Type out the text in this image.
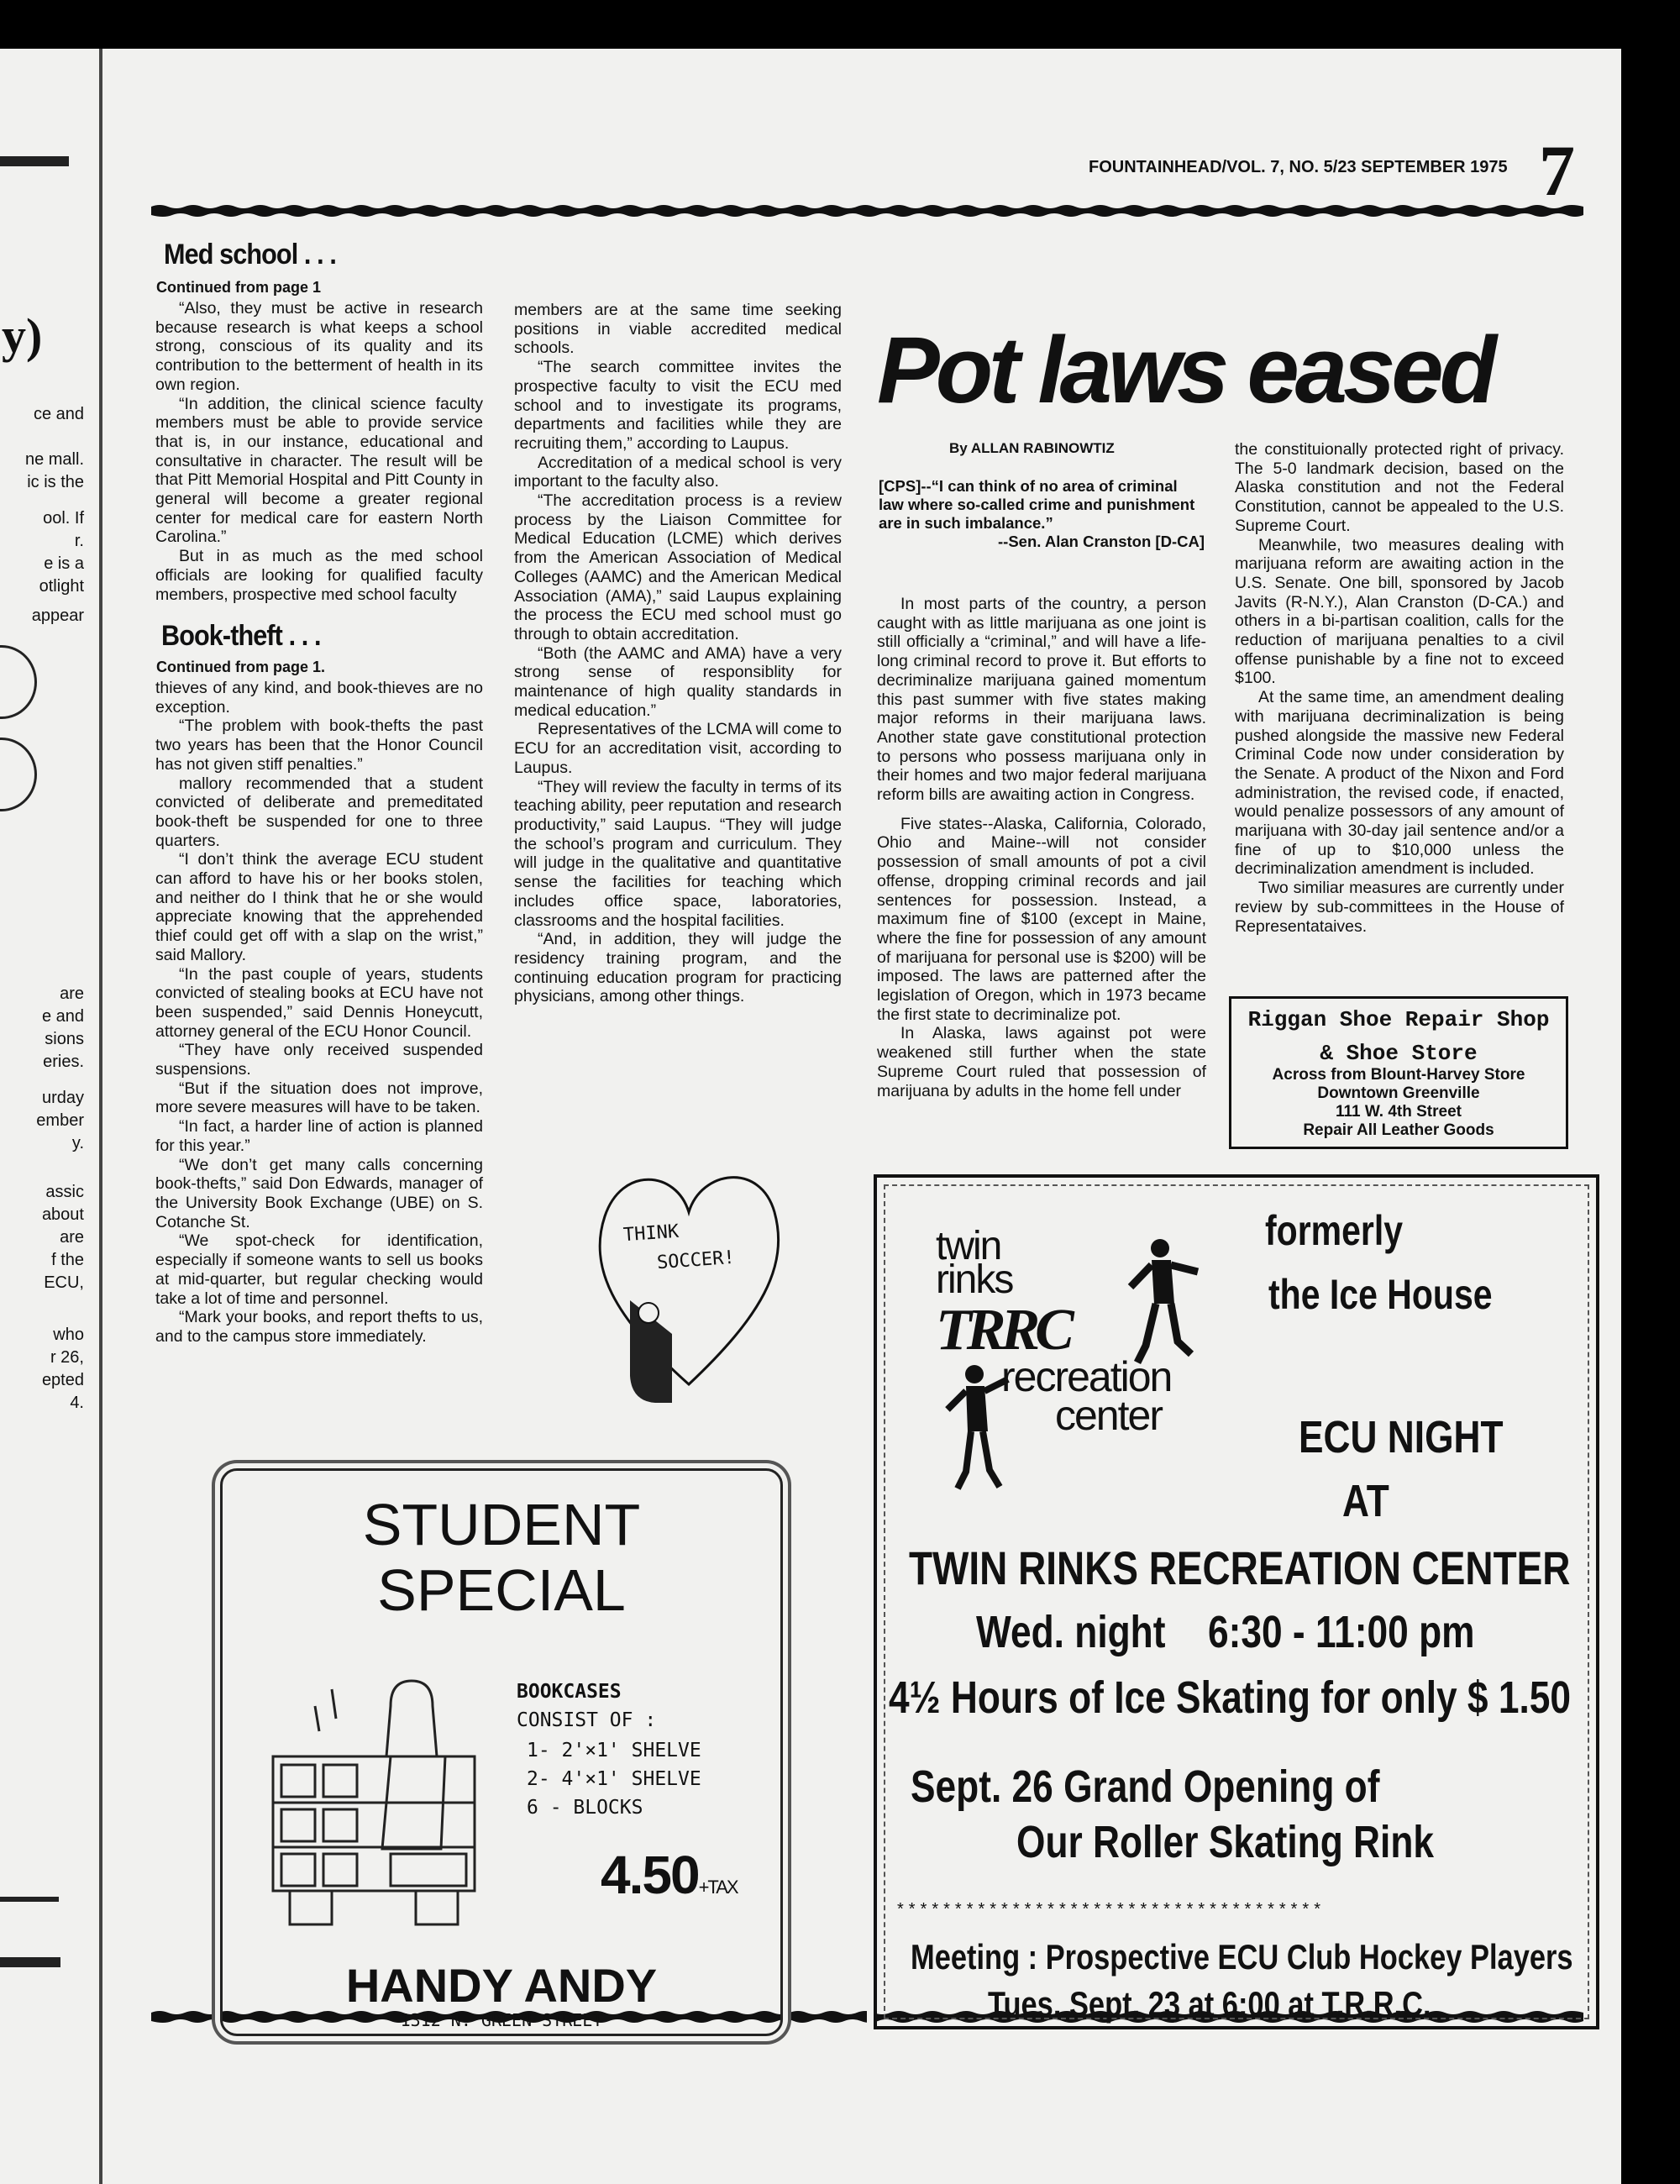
y)
ce and
ne mall.
ic is the
ool. If
r.
e is a
otlight
appear
are
e and
sions
eries.
urday
ember
y.
assic
about
are
f the
ECU,
who
r 26,
epted
4.
FOUNTAINHEAD/VOL. 7, NO. 5/23 SEPTEMBER 1975 7
Med school . . .
Continued from page 1

“Also, they must be active in research because research is what keeps a school strong, conscious of its quality and its contribution to the betterment of health in its own region.

“In addition, the clinical science faculty members must be able to provide service that is, in our instance, educational and consultative in character. The result will be that Pitt Memorial Hospital and Pitt County in general will become a greater regional center for medical care for eastern North Carolina.”

But in as much as the med school officials are looking for qualified faculty members, prospective med school faculty

Book-theft . . .
Continued from page 1.

thieves of any kind, and book-thieves are no exception.

“The problem with book-thefts the past two years has been that the Honor Council has not given stiff penalties.”

mallory recommended that a student convicted of deliberate and premeditated book-theft be suspended for one to three quarters.

“I don’t think the average ECU student can afford to have his or her books stolen, and neither do I think that he or she would appreciate knowing that the apprehended thief could get off with a slap on the wrist,” said Mallory.

“In the past couple of years, students convicted of stealing books at ECU have not been suspended,” said Dennis Honeycutt, attorney general of the ECU Honor Council.

“They have only received suspended suspensions.

“But if the situation does not improve, more severe measures will have to be taken.

“In fact, a harder line of action is planned for this year.”

“We don’t get many calls concerning book-thefts,” said Don Edwards, manager of the University Book Exchange (UBE) on S. Cotanche St.

“We spot-check for identification, especially if someone wants to sell us books at mid-quarter, but regular checking would take a lot of time and personnel.

“Mark your books, and report thefts to us, and to the campus store immediately.

members are at the same time seeking positions in viable accredited medical schools.

“The search committee invites the prospective faculty to visit the ECU med school and to investigate its programs, departments and facilities while they are recruiting them,” according to Laupus.

Accreditation of a medical school is very important to the faculty also.

“The accreditation process is a review process by the Liaison Committee for Medical Education (LCME) which derives from the American Association of Medical Colleges (AAMC) and the American Medical Association (AMA),” said Laupus explaining the process the ECU med school must go through to obtain accreditation.

“Both (the AAMC and AMA) have a very strong sense of responsiblity for maintenance of high quality standards in medical education.”

Representatives of the LCMA will come to ECU for an accreditation visit, according to Laupus.

“They will review the faculty in terms of its teaching ability, peer reputation and research productivity,” said Laupus. “They will judge the school’s program and curriculum. They will judge in the qualitative and quantitative sense the facilities for teaching which includes office space, laboratories, classrooms and the hospital facilities.

“And, in addition, they will judge the residency training program, and the continuing education program for practicing physicians, among other things.

THINK
SOCCER!
Pot laws eased
By ALLAN RABINOWTIZ
[CPS]--“I can think of no area of criminal law where so-called crime and punishment are in such imbalance.”
--Sen. Alan Cranston [D-CA]

In most parts of the country, a person caught with as little marijuana as one joint is still officially a “criminal,” and will have a life-long criminal record to prove it. But efforts to decriminalize marijuana gained momentum this past summer with five states making major reforms in their marijuana laws. Another state gave constitutional protection to persons who possess marijuana only in their homes and two major federal marijuana reform bills are awaiting action in Congress.

Five states--Alaska, California, Colorado, Ohio and Maine--will not consider possession of small amounts of pot a civil offense, dropping criminal records and jail sentences for possession. Instead, a maximum fine of $100 (except in Maine, where the fine for possession of any amount of marijuana for personal use is $200) will be imposed. The laws are patterned after the legislation of Oregon, which in 1973 became the first state to decriminalize pot.

In Alaska, laws against pot were weakened still further when the state Supreme Court ruled that possession of marijuana by adults in the home fell under

the constituionally protected right of privacy. The 5-0 landmark decision, based on the Alaska constitution and not the Federal Constitution, cannot be appealed to the U.S. Supreme Court.

Meanwhile, two measures dealing with marijuana reform are awaiting action in the U.S. Senate. One bill, sponsored by Jacob Javits (R-N.Y.), Alan Cranston (D-CA.) and others in a bi-partisan coalition, calls for the reduction of marijuana penalties to a civil offense punishable by a fine not to exceed $100.

At the same time, an amendment dealing with marijuana decriminalization is being pushed alongside the massive new Federal Criminal Code now under consideration by the Senate. A product of the Nixon and Ford administration, the revised code, if enacted, would penalize possessors of any amount of marijuana with 30-day jail sentence and/or a fine of up to $10,000 unless the decriminalization amendment is included.

Two similiar measures are currently under review by sub-committees in the House of Representataives.

Riggan Shoe Repair Shop
& Shoe Store
Across from Blount-Harvey Store
Downtown Greenville
111 W. 4th Street
Repair All Leather Goods
twin
rinks
TRRC
recreation
center
formerly
the Ice House
ECU NIGHT
AT
TWIN RINKS RECREATION CENTER
Wed. night 6:30 - 11:00 pm
4½ Hours of Ice Skating for only $ 1.50
Sept. 26 Grand Opening of
Our Roller Skating Rink
*************************************
Meeting : Prospective ECU Club Hockey Players
Tues. Sept. 23 at 6:00 at T.R.R.C.
STUDENT
SPECIAL
BOOKCASES
CONSIST OF :
1- 2'×1' SHELVE
2- 4'×1' SHELVE
6 - BLOCKS
4.50+TAX
HANDY ANDY
1312 N. GREEN STREET
